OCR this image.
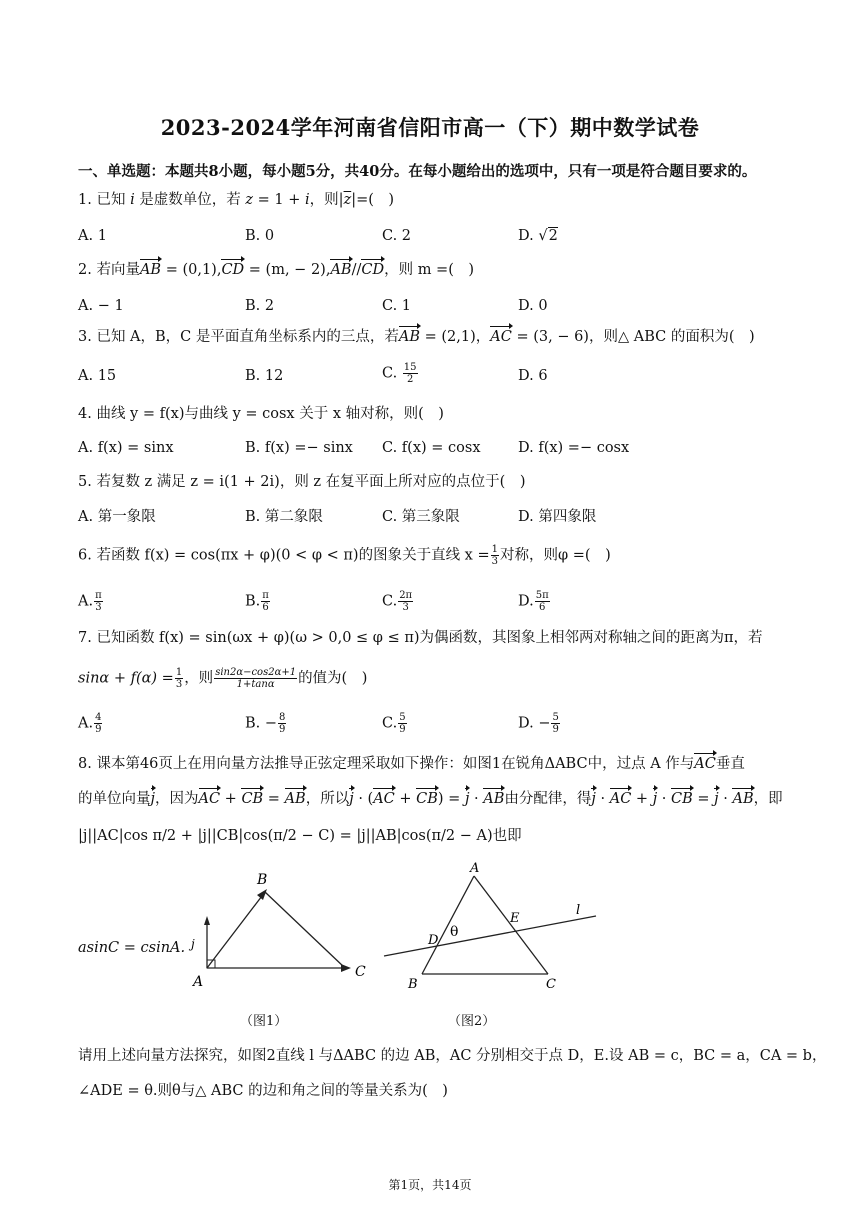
2023-2024学年河南省信阳市高一（下）期中数学试卷
一、单选题：本题共8小题，每小题5分，共40分。在每小题给出的选项中，只有一项是符合题目要求的。
1. 已知 i 是虚数单位，若 z = 1 + i，则$|\overline{z}|=$(　)
A. 1	B. 0	C. 2	D. √2
2. 若向量AB = (0,1),CD = (m, − 2),AB//CD，则 m =(　)
A. − 1	B. 2	C. 1	D. 0
3. 已知 A，B，C 是平面直角坐标系内的三点，若AB = (2,1)，AC = (3, − 6)，则△ ABC 的面积为(　)
A. 15	B. 12	C. $\frac{15}{2}$	D. 6
4. 曲线 y = f(x)与曲线 y = cosx 关于 x 轴对称，则(　)
A. f(x) = sinx	B. f(x) =− sinx C. f(x) = cosx	D. f(x) =− cosx
5. 若复数 z 满足 z = i(1 + 2i)，则 z 在复平面上所对应的点位于(　)
A. 第一象限	B. 第二象限	C. 第三象限	D. 第四象限
6. 若函数 f(x) = cos(πx + φ)(0 < φ < π)的图象关于直线 $x = \frac{1}{3}$ 对称，则φ =(　)
A. $\frac{\pi}{3}$	B. $\frac{\pi}{6}$	C. $\frac{2\pi}{3}$	D. $\frac{5\pi}{6}$
7. 已知函数 f(x) = sin(ωx + φ)(ω > 0,0 ≤ φ ≤ π)为偶函数，其图象上相邻两对称轴之间的距离为π，若
$\sin\alpha + f(\alpha) = \frac{1}{3}$ ，则 $\frac{\sin 2\alpha-\cos 2\alpha+1}{1+\tan\alpha}$ 的值为(　)
A. $\frac{4}{9}$	B. − $\frac{8}{9}$	C. $\frac{5}{9}$	D. − $\frac{5}{9}$
8. 课本第46页上在用向量方法推导正弦定理采取如下操作：如图1在锐角ΔABC中，过点 A 作与AC垂直
的单位向量j，因为AC + CB = AB，所以j · (AC + CB) = j · AB由分配律，得j · AC + j · CB = j · AB，即
|j||AC|cos π/2 + |j||CB|cos(π/2 − C) = |j||AB|cos(π/2 − A)也即
asinC = csinA.
B
A
C
j
（图1）
A
B	C
D
E
l
θ
（图2）
请用上述向量方法探究，如图2直线 l 与ΔABC 的边 AB，AC 分别相交于点 D，E.设 AB = c，BC = a，CA = b，
∠ADE = θ.则θ与△ ABC 的边和角之间的等量关系为(　)
第1页，共14页
